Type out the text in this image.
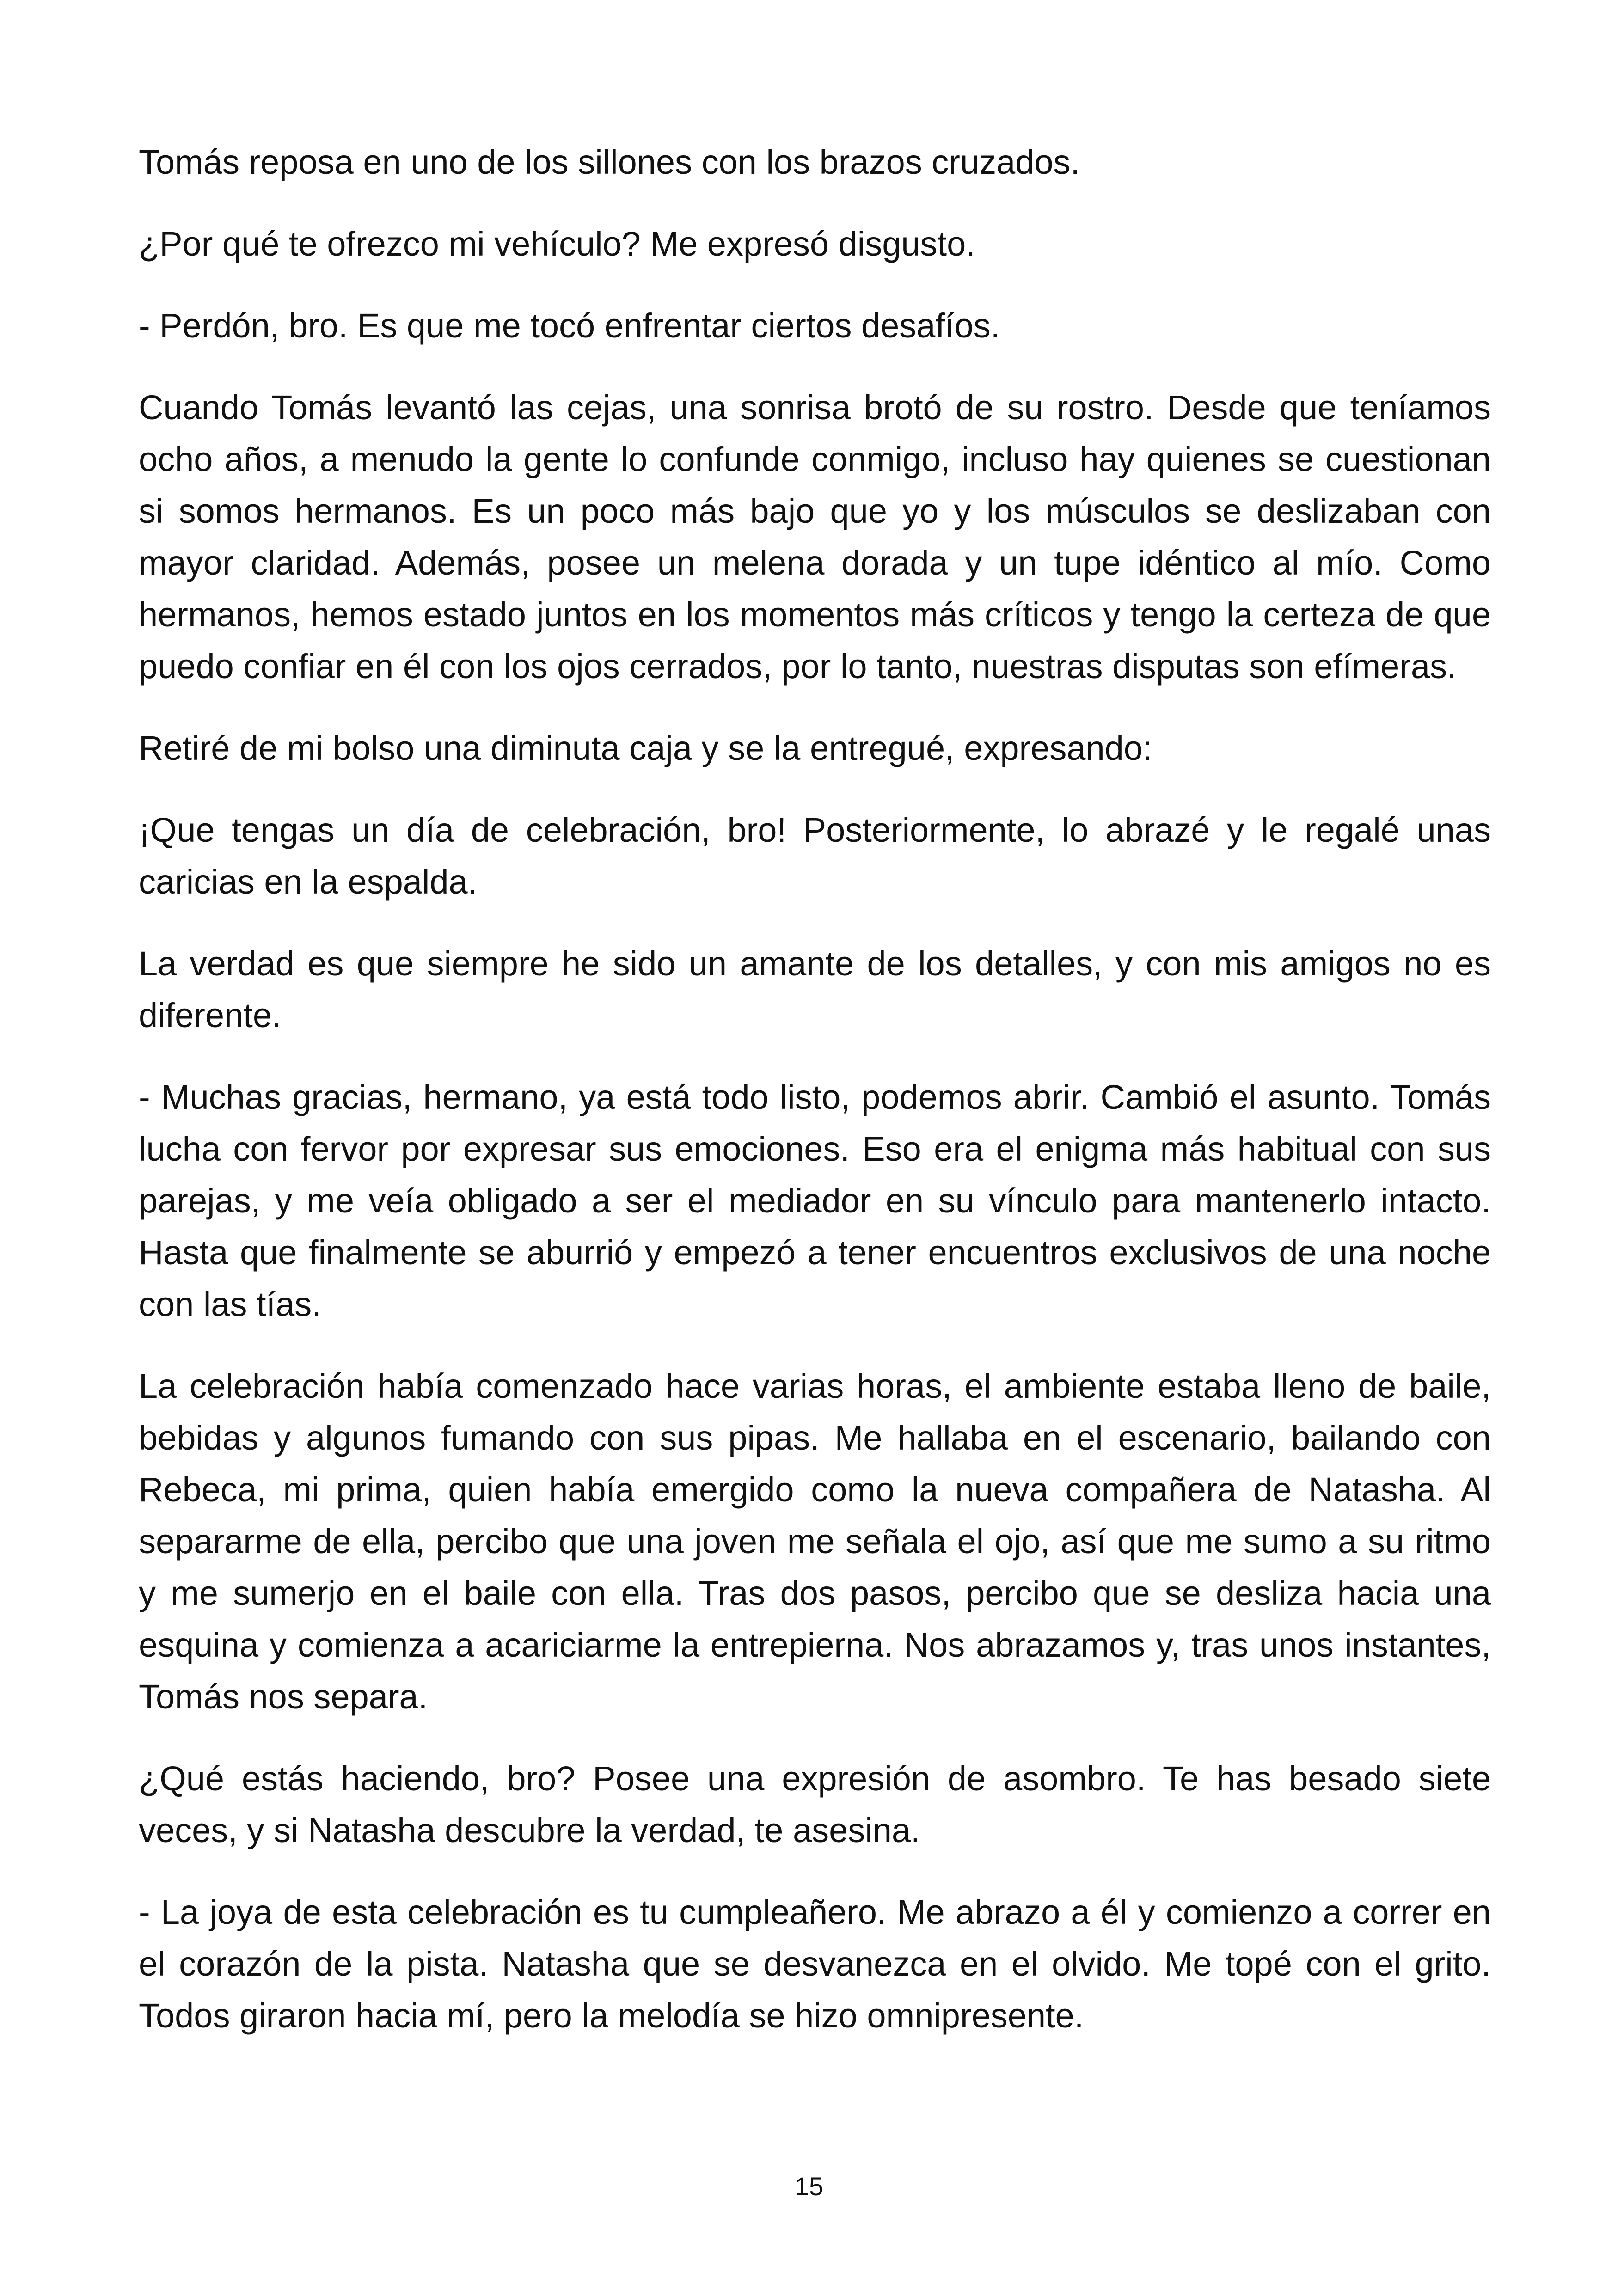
Tomás reposa en uno de los sillones con los brazos cruzados.

¿Por qué te ofrezco mi vehículo? Me expresó disgusto.

- Perdón, bro. Es que me tocó enfrentar ciertos desafíos.

Cuando Tomás levantó las cejas, una sonrisa brotó de su rostro. Desde que teníamos ocho años, a menudo la gente lo confunde conmigo, incluso hay quienes se cuestionan si somos hermanos. Es un poco más bajo que yo y los músculos se deslizaban con mayor claridad. Además, posee un melena dorada y un tupe idéntico al mío. Como hermanos, hemos estado juntos en los momentos más críticos y tengo la certeza de que puedo confiar en él con los ojos cerrados, por lo tanto, nuestras disputas son efímeras.

Retiré de mi bolso una diminuta caja y se la entregué, expresando:

¡Que tengas un día de celebración, bro! Posteriormente, lo abrazé y le regalé unas caricias en la espalda.

La verdad es que siempre he sido un amante de los detalles, y con mis amigos no es diferente.

- Muchas gracias, hermano, ya está todo listo, podemos abrir. Cambió el asunto. Tomás lucha con fervor por expresar sus emociones. Eso era el enigma más habitual con sus parejas, y me veía obligado a ser el mediador en su vínculo para mantenerlo intacto. Hasta que finalmente se aburrió y empezó a tener encuentros exclusivos de una noche con las tías.

La celebración había comenzado hace varias horas, el ambiente estaba lleno de baile, bebidas y algunos fumando con sus pipas. Me hallaba en el escenario, bailando con Rebeca, mi prima, quien había emergido como la nueva compañera de Natasha. Al separarme de ella, percibo que una joven me señala el ojo, así que me sumo a su ritmo y me sumerjo en el baile con ella. Tras dos pasos, percibo que se desliza hacia una esquina y comienza a acariciarme la entrepierna. Nos abrazamos y, tras unos instantes, Tomás nos separa.

¿Qué estás haciendo, bro? Posee una expresión de asombro. Te has besado siete veces, y si Natasha descubre la verdad, te asesina.

- La joya de esta celebración es tu cumpleañero. Me abrazo a él y comienzo a correr en el corazón de la pista. Natasha que se desvanezca en el olvido. Me topé con el grito. Todos giraron hacia mí, pero la melodía se hizo omnipresente.

15
